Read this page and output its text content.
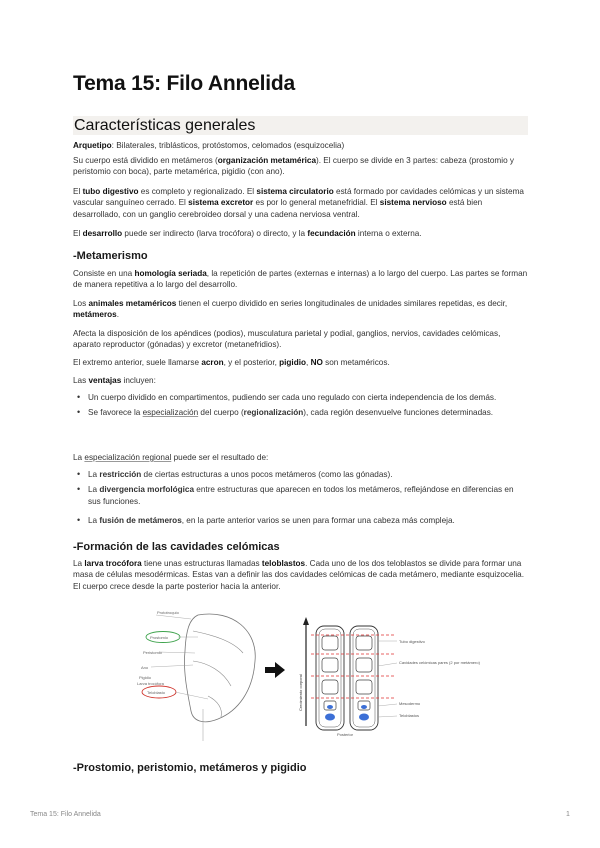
Tema 15: Filo Annelida
Características generales
Arquetipo: Bilaterales, triblásticos, protóstomos, celomados (esquizocelia)
Su cuerpo está dividido en metámeros (organización metamérica). El cuerpo se divide en 3 partes: cabeza (prostomio y peristomio con boca), parte metamérica, pigidio (con ano).
El tubo digestivo es completo y regionalizado. El sistema circulatorio está formado por cavidades celómicas y un sistema vascular sanguíneo cerrado. El sistema excretor es por lo general metanefridial. El sistema nervioso está bien desarrollado, con un ganglio cerebroideo dorsal y una cadena nerviosa ventral.
El desarrollo puede ser indirecto (larva trocófora) o directo, y la fecundación interna o externa.
-Metamerismo
Consiste en una homología seriada, la repetición de partes (externas e internas) a lo largo del cuerpo. Las partes se forman de manera repetitiva a lo largo del desarrollo.
Los animales metaméricos tienen el cuerpo dividido en series longitudinales de unidades similares repetidas, es decir, metámeros.
Afecta la disposición de los apéndices (podios), musculatura parietal y podial, ganglios, nervios, cavidades celómicas, aparato reproductor (gónadas) y excretor (metanefridios).
El extremo anterior, suele llamarse acron, y el posterior, pigidio, NO son metaméricos.
Las ventajas incluyen:
• Un cuerpo dividido en compartimentos, pudiendo ser cada uno regulado con cierta independencia de los demás.
• Se favorece la especialización del cuerpo (regionalización), cada región desenvuelve funciones determinadas.
La especialización regional puede ser el resultado de:
• La restricción de ciertas estructuras a unos pocos metámeros (como las gónadas).
• La divergencia morfológica entre estructuras que aparecen en todos los metámeros, reflejándose en diferencias en sus funciones.
• La fusión de metámeros, en la parte anterior varios se unen para formar una cabeza más compleja.
-Formación de las cavidades celómicas
La larva trocófora tiene unas estructuras llamadas teloblastos. Cada uno de los dos teloblastos se divide para formar una masa de células mesodérmicas. Estas van a definir las dos cavidades celómicas de cada metámero, mediante esquizocelia. El cuerpo crece desde la parte posterior hacia la anterior.
Prototroquio
Prostomio
Peristomio
Ano
Pigidio
Larva trocófora
Teloblasto	Crecimiento corporal
Tubo digestivo
Cavidades celómicas pares (2 por metámero)
Mesodermo
Teloblastos
Posterior
-Prostomio, peristomio, metámeros y pigidio
Tema 15: Filo Annelida	1
